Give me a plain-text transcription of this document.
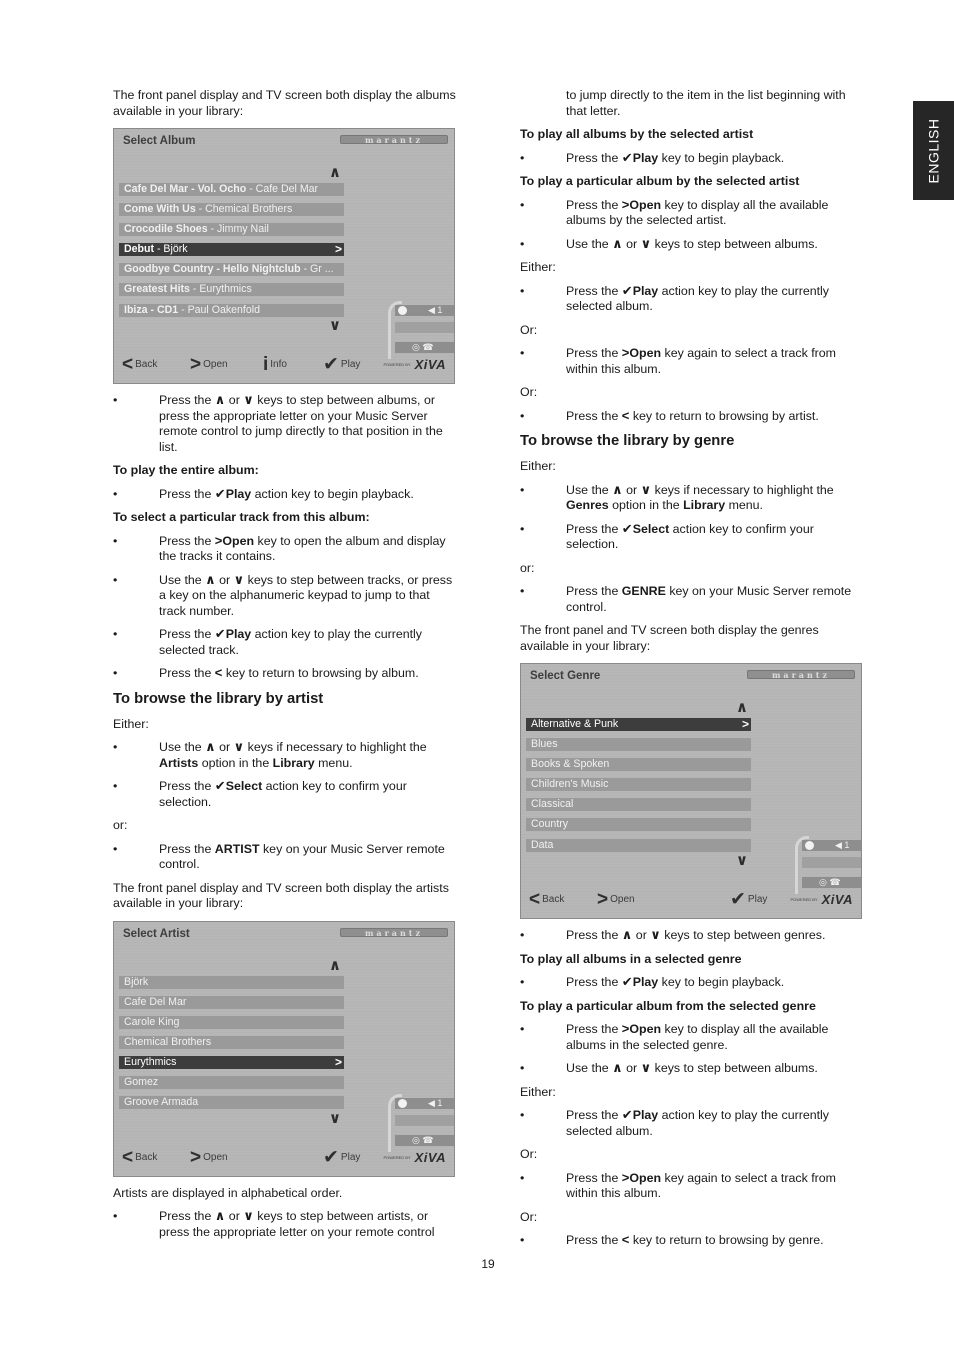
ENGLISH
The front panel display and TV screen both display the albums available in your library:
Select Album	marantz
∧
Cafe Del Mar - Vol. Ocho - Cafe Del Mar
Come With Us - Chemical Brothers
Crocodile Shoes - Jimmy Nail
Debut - Björk	>
Goodbye Country - Hello Nightclub - Gr ...
Greatest Hits - Eurythmics
Ibiza - CD1 - Paul Oakenfold
∨
◀ 1
◎ ☎
< Back > Open i Info ✔ Play	POWERED BY XiVA
•	Press the ∧ or ∨ keys to step between albums, or press the appropriate letter on your Music Server remote control to jump directly to that position in the list.
To play the entire album:
•	Press the ✔Play action key to begin playback.
To select a particular track from this album:
•	Press the >Open key to open the album and display the tracks it contains.
•	Use the ∧ or ∨ keys to step between tracks, or press a key on the alphanumeric keypad to jump to that track number.
•	Press the ✔Play action key to play the currently selected track.
•	Press the < key to return to browsing by album.
To browse the library by artist
Either:
•	Use the ∧ or ∨ keys if necessary to highlight the Artists option in the Library menu.
•	Press the ✔Select action key to confirm your selection.
or:
•	Press the ARTIST key on your Music Server remote control.
The front panel display and TV screen both display the artists available in your library:
Select Artist	marantz
∧
Björk
Cafe Del Mar
Carole King
Chemical Brothers
Eurythmics	>
Gomez
Groove Armada
∨
◀ 1
◎ ☎
< Back > Open	✔ Play	POWERED BY XiVA
Artists are displayed in alphabetical order.
•	Press the ∧ or ∨ keys to step between artists, or press the appropriate letter on your remote control
to jump directly to the item in the list beginning with that letter.
To play all albums by the selected artist
•	Press the ✔Play key to begin playback.
To play a particular album by the selected artist
•	Press the >Open key to display all the available albums by the selected artist.
•	Use the ∧ or ∨ keys to step between albums.
Either:
•	Press the ✔Play action key to play the currently selected album.
Or:
•	Press the >Open key again to select a track from within this album.
Or:
•	Press the < key to return to browsing by artist.
To browse the library by genre
Either:
•	Use the ∧ or ∨ keys if necessary to highlight the Genres option in the Library menu.
•	Press the ✔Select action key to confirm your selection.
or:
•	Press the GENRE key on your Music Server remote control.
The front panel and TV screen both display the genres available in your library:
Select Genre	marantz
∧
Alternative & Punk	>
Blues
Books & Spoken
Children's Music
Classical
Country
Data
∨
◀ 1
◎ ☎
< Back > Open	✔ Play	POWERED BY XiVA
•	Press the ∧ or ∨ keys to step between genres.
To play all albums in a selected genre
•	Press the ✔Play key to begin playback.
To play a particular album from the selected genre
•	Press the >Open key to display all the available albums in the selected genre.
•	Use the ∧ or ∨ keys to step between albums.
Either:
•	Press the ✔Play action key to play the currently selected album.
Or:
•	Press the >Open key again to select a track from within this album.
Or:
•	Press the < key to return to browsing by genre.
19
